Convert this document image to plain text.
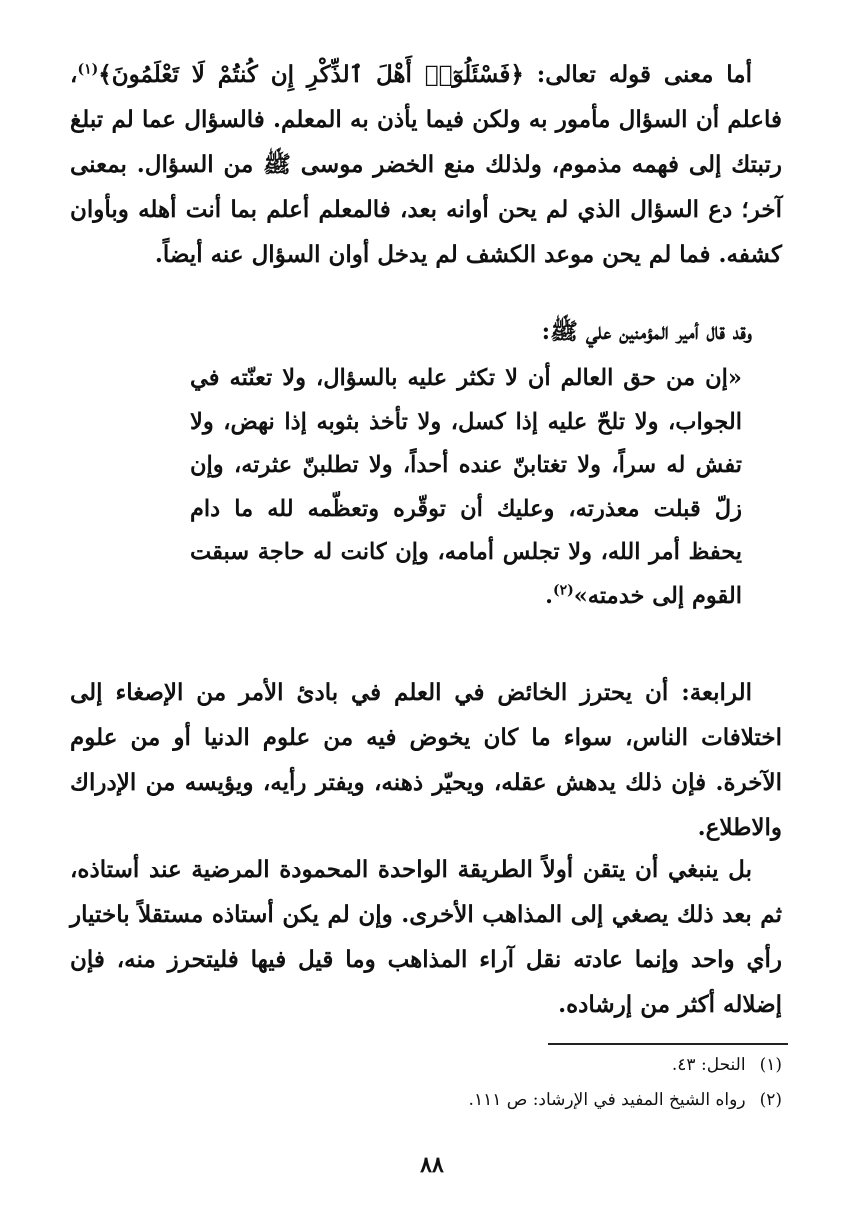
أما معنى قوله تعالى: ﴿فَسْئَلُوٓا۟ أَهْلَ ٱلذِّكْرِ إِن كُنتُمْ لَا تَعْلَمُونَ﴾$^{(١)}$، فاعلم أن السؤال مأمور به ولكن فيما يأذن به المعلم. فالسؤال عما لم تبلغ رتبتك إلى فهمه مذموم، ولذلك منع الخضر موسى ﷺ من السؤال. بمعنى آخر؛ دع السؤال الذي لم يحن أوانه بعد، فالمعلم أعلم بما أنت أهله وبأوان كشفه. فما لم يحن موعد الكشف لم يدخل أوان السؤال عنه أيضاً.

وقد قال أمير المؤمنين علي ﷺ:

«إن من حق العالم أن لا تكثر عليه بالسؤال، ولا تعنّته في الجواب، ولا تلحّ عليه إذا كسل، ولا تأخذ بثوبه إذا نهض، ولا تفش له سراً، ولا تغتابنّ عنده أحداً، ولا تطلبنّ عثرته، وإن زلّ قبلت معذرته، وعليك أن توقّره وتعظّمه لله ما دام يحفظ أمر الله، ولا تجلس أمامه، وإن كانت له حاجة سبقت القوم إلى خدمته»$^{(٢)}$.

الرابعة: أن يحترز الخائض في العلم في بادئ الأمر من الإصغاء إلى اختلافات الناس، سواء ما كان يخوض فيه من علوم الدنيا أو من علوم الآخرة. فإن ذلك يدهش عقله، ويحيّر ذهنه، ويفتر رأيه، ويؤيسه من الإدراك والاطلاع.

بل ينبغي أن يتقن أولاً الطريقة الواحدة المحمودة المرضية عند أستاذه، ثم بعد ذلك يصغي إلى المذاهب الأخرى. وإن لم يكن أستاذه مستقلاً باختيار رأي واحد وإنما عادته نقل آراء المذاهب وما قيل فيها فليتحرز منه، فإن إضلاله أكثر من إرشاده.

(١)النحل: ٤٣.

(٢)رواه الشيخ المفيد في الإرشاد: ص ١١١.

٨٨
